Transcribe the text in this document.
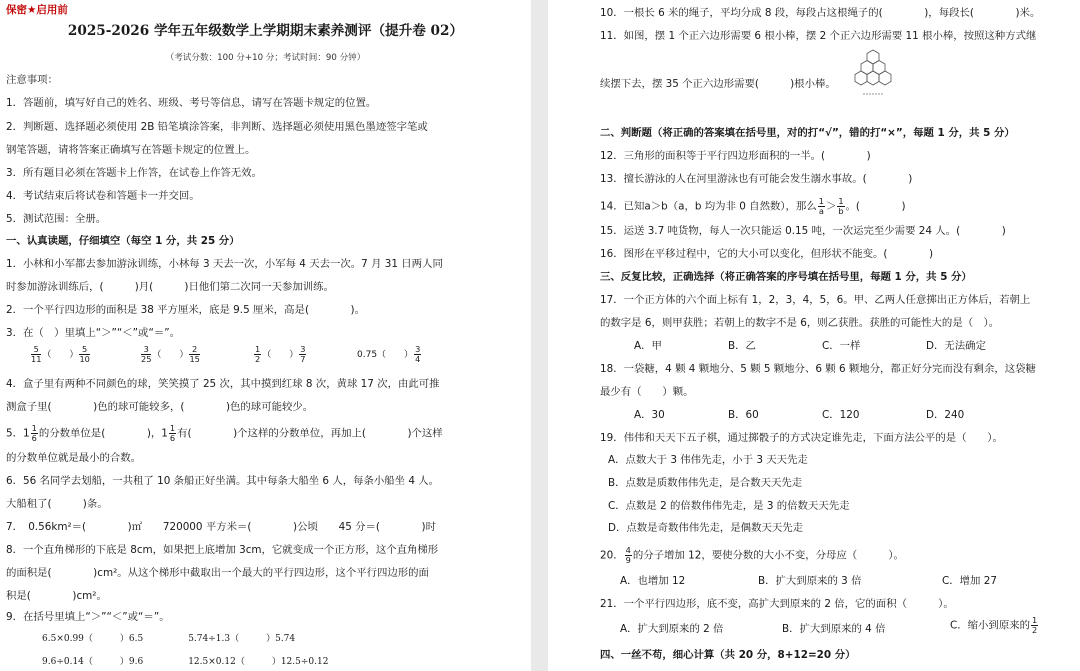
保密★启用前
2025-2026 学年五年级数学上学期期末素养测评（提升卷 02）
（考试分数：100 分+10 分；考试时间：90 分钟）
注意事项：
1．答题前，填写好自己的姓名、班级、考号等信息，请写在答题卡规定的位置。
2．判断题、选择题必须使用 2B 铅笔填涂答案，非判断、选择题必须使用黑色墨迹签字笔或
钢笔答题，请将答案正确填写在答题卡规定的位置上。
3．所有题目必须在答题卡上作答，在试卷上作答无效。
4．考试结束后将试卷和答题卡一并交回。
5．测试范围：全册。
一、认真读题，仔细填空（每空 1 分，共 25 分）
1．小林和小军都去参加游泳训练，小林每 3 天去一次，小军每 4 天去一次。7 月 31 日两人同
时参加游泳训练后，(　　　)月(　　　)日他们第二次同一天参加训练。
2．一个平行四边形的面积是 38 平方厘米，底是 9.5 厘米，高是(　　　　)。
3．在（　）里填上“＞”“＜”或“＝”。
$\frac{5}{11}$ （　　） $\frac{5}{10}$	$\frac{3}{25}$ （　　） $\frac{2}{15}$	$\frac{1}{2}$ （　　） $\frac{3}{7}$	0.75（　　） $\frac{3}{4}$
4．盒子里有两种不同颜色的球，笑笑摸了 25 次，其中摸到红球 8 次，黄球 17 次，由此可推
测盒子里(　　　　)色的球可能较多，(　　　　)色的球可能较少。
5．$1 \frac{1}{6}$ 的分数单位是(　　　　)，$1 \frac{1}{6}$ 有(　　　　)个这样的分数单位，再加上(　　　　)个这样
的分数单位就是最小的合数。
6．56 名同学去划船，一共租了 10 条船正好坐满。其中每条大船坐 6 人，每条小船坐 4 人。
大船租了(　　　)条。
7．　0.56km²＝(　　　　)㎡　　720000 平方米＝(　　　　)公顷　　45 分＝(　　　　)时
8．一个直角梯形的下底是 8cm，如果把上底增加 3cm，它就变成一个正方形，这个直角梯形
的面积是(　　　　)cm²。从这个梯形中截取出一个最大的平行四边形，这个平行四边形的面
积是(　　　　)cm²。
9．在括号里填上“＞”“＜”或“＝”。
6.5×0.99（　　　）6.5　　　　　5.74÷1.3（　　　）5.74
9.6÷0.14（　　　）9.6　　　　　12.5×0.12（　　　）12.5÷0.12
10．一根长 6 米的绳子，平均分成 8 段，每段占这根绳子的(　　　　)，每段长(　　　　)米。
11．如图，摆 1 个正六边形需要 6 根小棒，摆 2 个正六边形需要 11 根小棒，按照这种方式继
续摆下去，摆 35 个正六边形需要(　　　)根小棒。
二、判断题（将正确的答案填在括号里，对的打“√”，错的打“×”，每题 1 分，共 5 分）
12．三角形的面积等于平行四边形面积的一半。(　　　　)
13．擅长游泳的人在河里游泳也有可能会发生溺水事故。(　　　　)
14．已知a＞b（a，b 均为非 0 自然数），那么 $\frac{1}{a} > \frac{1}{b}$ 。(　　　　)
15．运送 3.7 吨货物，每人一次只能运 0.15 吨，一次运完至少需要 24 人。(　　　　)
16．图形在平移过程中，它的大小可以变化，但形状不能变。(　　　　)
三、反复比较，正确选择（将正确答案的序号填在括号里，每题 1 分，共 5 分）
17．一个正方体的六个面上标有 1，2，3，4，5，6。甲、乙两人任意掷出正方体后，若朝上
的数字是 6，则甲获胜；若朝上的数字不是 6，则乙获胜。获胜的可能性大的是（　）。
A．甲	B．乙	C．一样	D．无法确定
18．一袋糖，4 颗 4 颗地分、5 颗 5 颗地分、6 颗 6 颗地分，都正好分完而没有剩余，这袋糖
最少有（　　）颗。
A．30	B．60	C．120	D．240
19．伟伟和天天下五子棋，通过掷骰子的方式决定谁先走，下面方法公平的是（　　）。
A．点数大于 3 伟伟先走，小于 3 天天先走
B．点数是质数伟伟先走，是合数天天先走
C．点数是 2 的倍数伟伟先走，是 3 的倍数天天先走
D．点数是奇数伟伟先走，是偶数天天先走
20． $\frac{4}{9}$ 的分子增加 12，要使分数的大小不变，分母应（　　　）。
A．也增加 12	B．扩大到原来的 3 倍	C．增加 27
21．一个平行四边形，底不变，高扩大到原来的 2 倍，它的面积（　　　）。
A．扩大到原来的 2 倍	B．扩大到原来的 4 倍	C．缩小到原来的 $\frac{1}{2}$
四、一丝不苟，细心计算（共 20 分，8+12=20 分）
